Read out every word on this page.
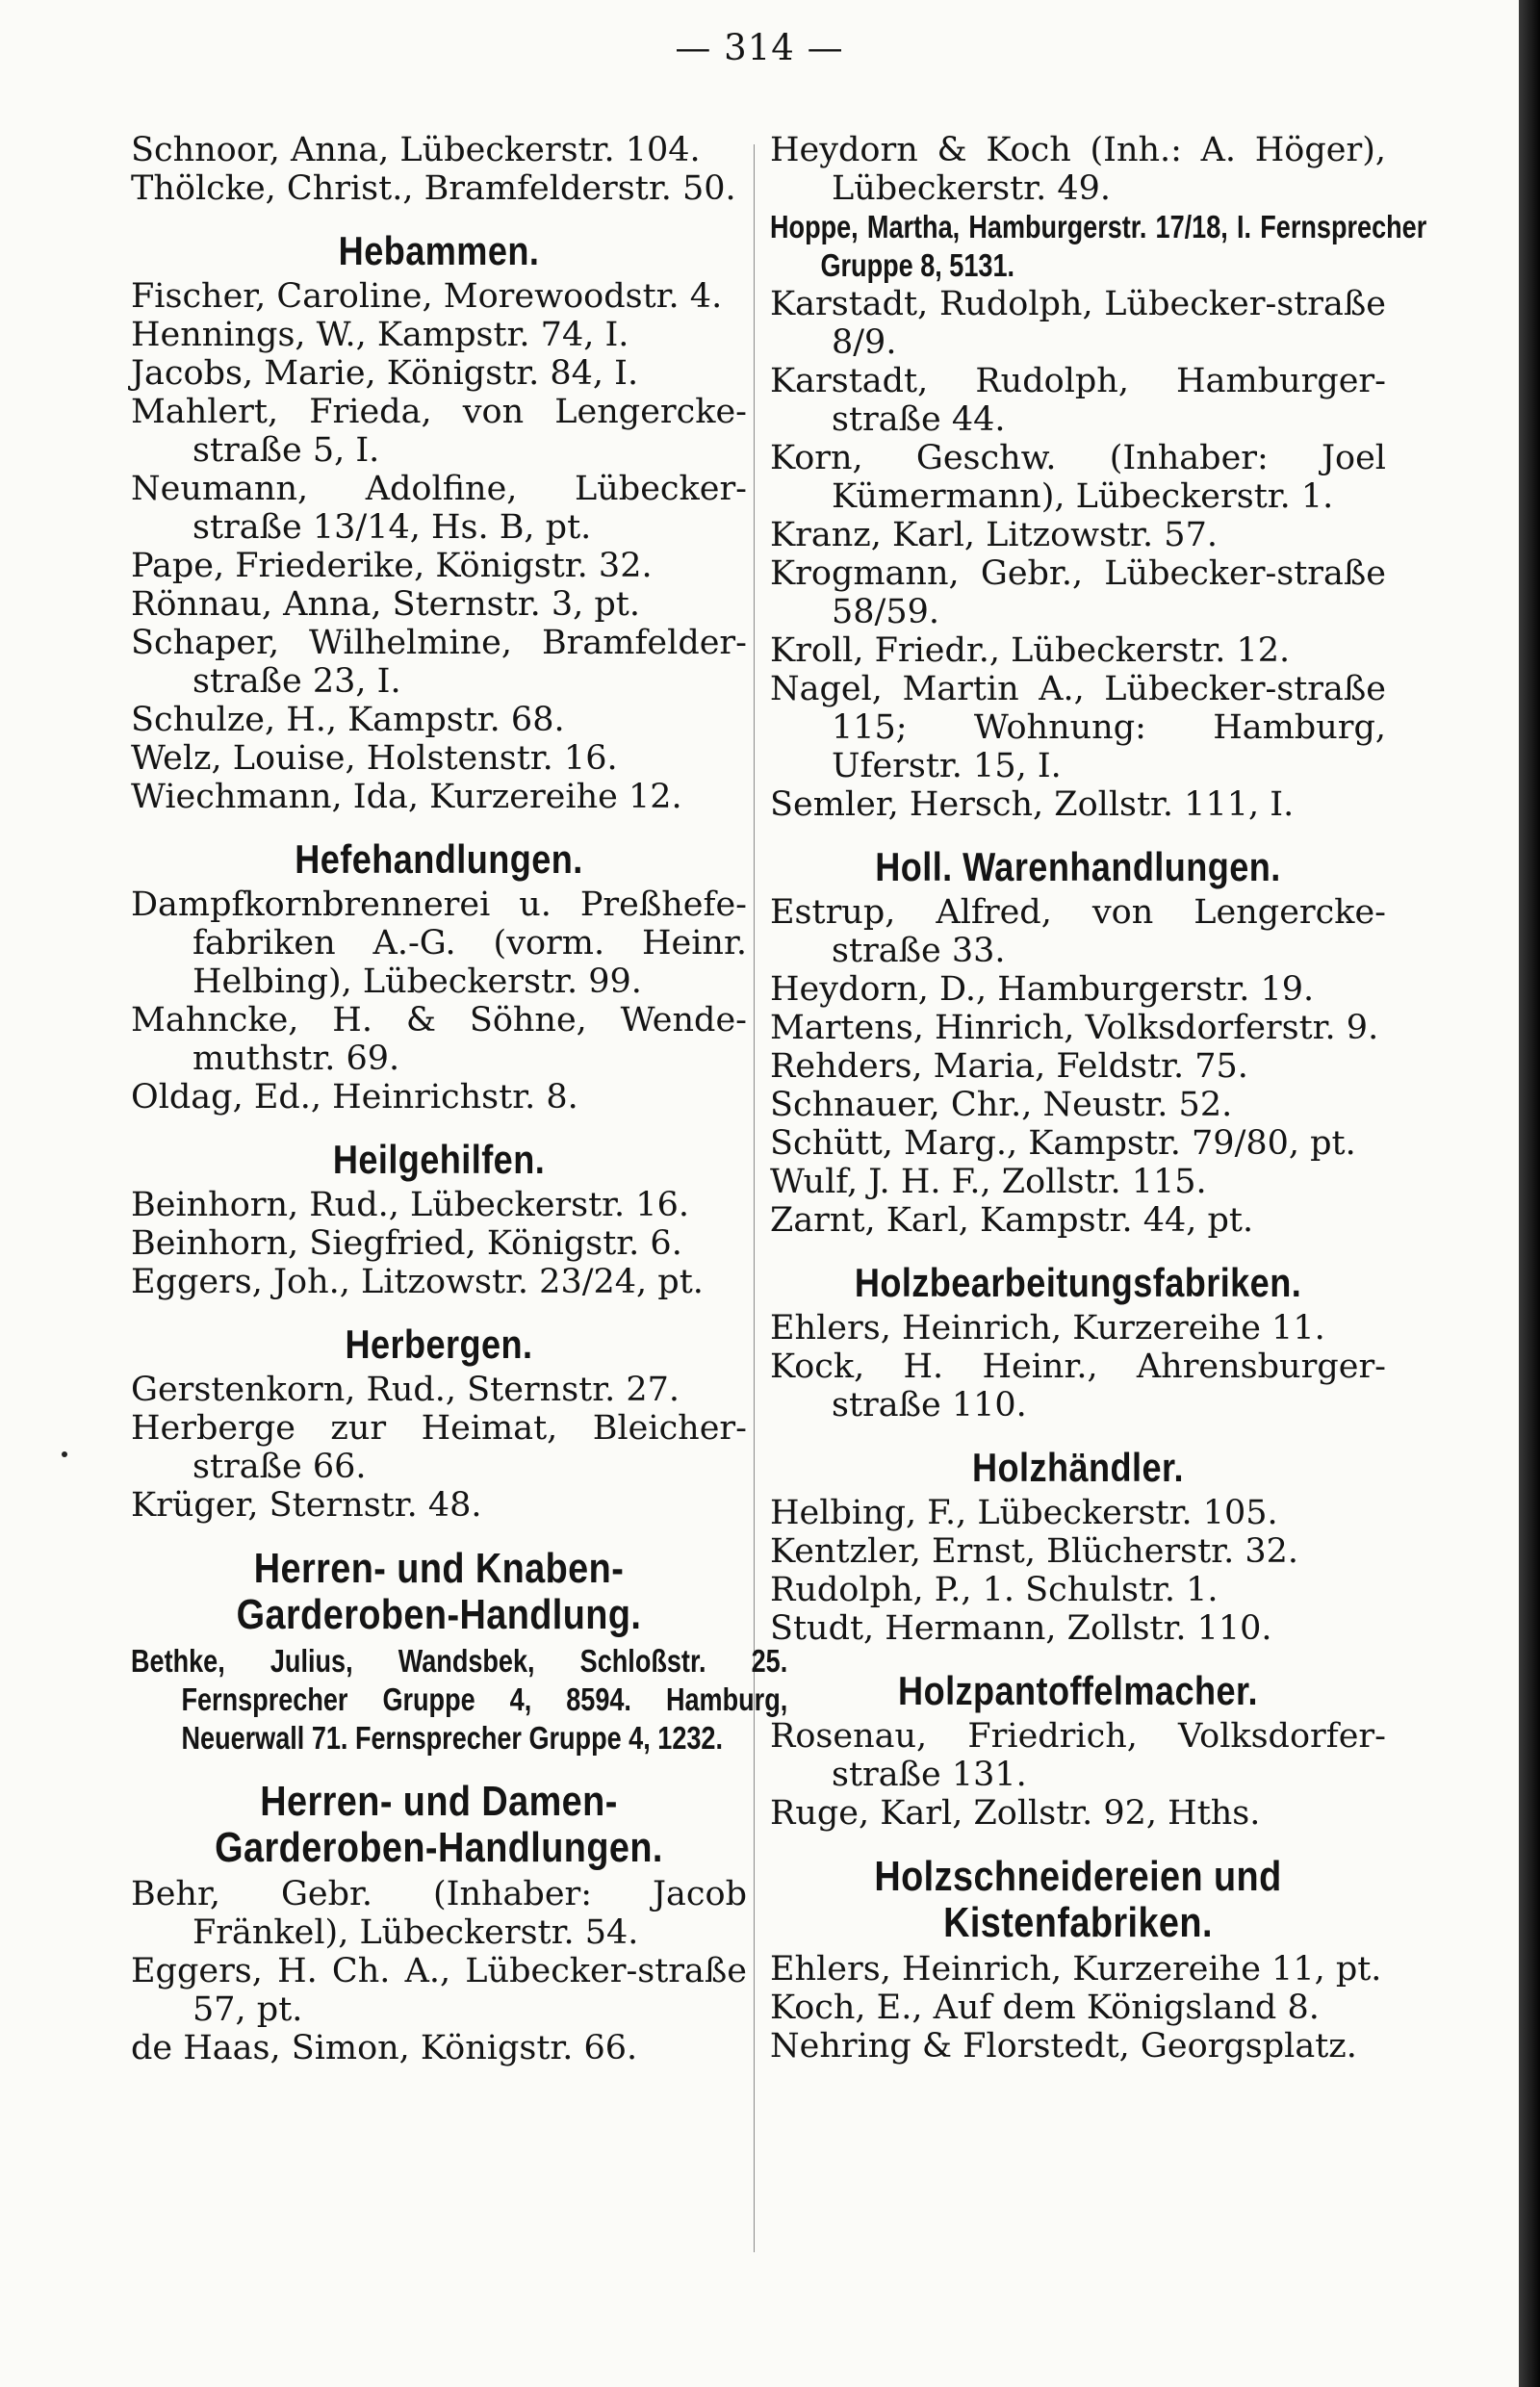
— 314 —

Schnoor, Anna, Lübeckerstr. 104.

Thölcke, Christ., Bramfelderstr. 50.

Hebammen.

Fischer, Caroline, Morewoodstr. 4.

Hennings, W., Kampstr. 74, I.

Jacobs, Marie, Königstr. 84, I.

Mahlert, Frieda, von Lengercke-straße 5, I.

Neumann, Adolfine, Lübecker-straße 13/14, Hs. B, pt.

Pape, Friederike, Königstr. 32.

Rönnau, Anna, Sternstr. 3, pt.

Schaper, Wilhelmine, Bramfelder-straße 23, I.

Schulze, H., Kampstr. 68.

Welz, Louise, Holstenstr. 16.

Wiechmann, Ida, Kurzereihe 12.

Hefehandlungen.

Dampfkornbrennerei u. Preßhefe-fabriken A.-G. (vorm. Heinr. Helbing), Lübeckerstr. 99.

Mahncke, H. & Söhne, Wende-muthstr. 69.

Oldag, Ed., Heinrichstr. 8.

Heilgehilfen.

Beinhorn, Rud., Lübeckerstr. 16.

Beinhorn, Siegfried, Königstr. 6.

Eggers, Joh., Litzowstr. 23/24, pt.

Herbergen.

Gerstenkorn, Rud., Sternstr. 27.

Herberge zur Heimat, Bleicher-straße 66.

Krüger, Sternstr. 48.

Herren- und Knaben-
Garderoben-Handlung.

Bethke, Julius, Wandsbek, Schloßstr. 25. Fernsprecher Gruppe 4, 8594. Hamburg, Neuerwall 71. Fernsprecher Gruppe 4, 1232.

Herren- und Damen-
Garderoben-Handlungen.

Behr, Gebr. (Inhaber: Jacob Fränkel), Lübeckerstr. 54.

Eggers, H. Ch. A., Lübecker-straße 57, pt.

de Haas, Simon, Königstr. 66.

Heydorn & Koch (Inh.: A. Höger), Lübeckerstr. 49.

Hoppe, Martha, Hamburgerstr. 17/18, I. Fernsprecher Gruppe 8, 5131.

Karstadt, Rudolph, Lübecker-straße 8/9.

Karstadt, Rudolph, Hamburger-straße 44.

Korn, Geschw. (Inhaber: Joel Kümermann), Lübeckerstr. 1.

Kranz, Karl, Litzowstr. 57.

Krogmann, Gebr., Lübecker-straße 58/59.

Kroll, Friedr., Lübeckerstr. 12.

Nagel, Martin A., Lübecker-straße 115; Wohnung: Hamburg, Uferstr. 15, I.

Semler, Hersch, Zollstr. 111, I.

Holl. Warenhandlungen.

Estrup, Alfred, von Lengercke-straße 33.

Heydorn, D., Hamburgerstr. 19.

Martens, Hinrich, Volksdorferstr. 9.

Rehders, Maria, Feldstr. 75.

Schnauer, Chr., Neustr. 52.

Schütt, Marg., Kampstr. 79/80, pt.

Wulf, J. H. F., Zollstr. 115.

Zarnt, Karl, Kampstr. 44, pt.

Holzbearbeitungsfabriken.

Ehlers, Heinrich, Kurzereihe 11.

Kock, H. Heinr., Ahrensburger-straße 110.

Holzhändler.

Helbing, F., Lübeckerstr. 105.

Kentzler, Ernst, Blücherstr. 32.

Rudolph, P., 1. Schulstr. 1.

Studt, Hermann, Zollstr. 110.

Holzpantoffelmacher.

Rosenau, Friedrich, Volksdorfer-straße 131.

Ruge, Karl, Zollstr. 92, Hths.

Holzschneidereien und
Kistenfabriken.

Ehlers, Heinrich, Kurzereihe 11, pt.

Koch, E., Auf dem Königsland 8.

Nehring & Florstedt, Georgsplatz.
